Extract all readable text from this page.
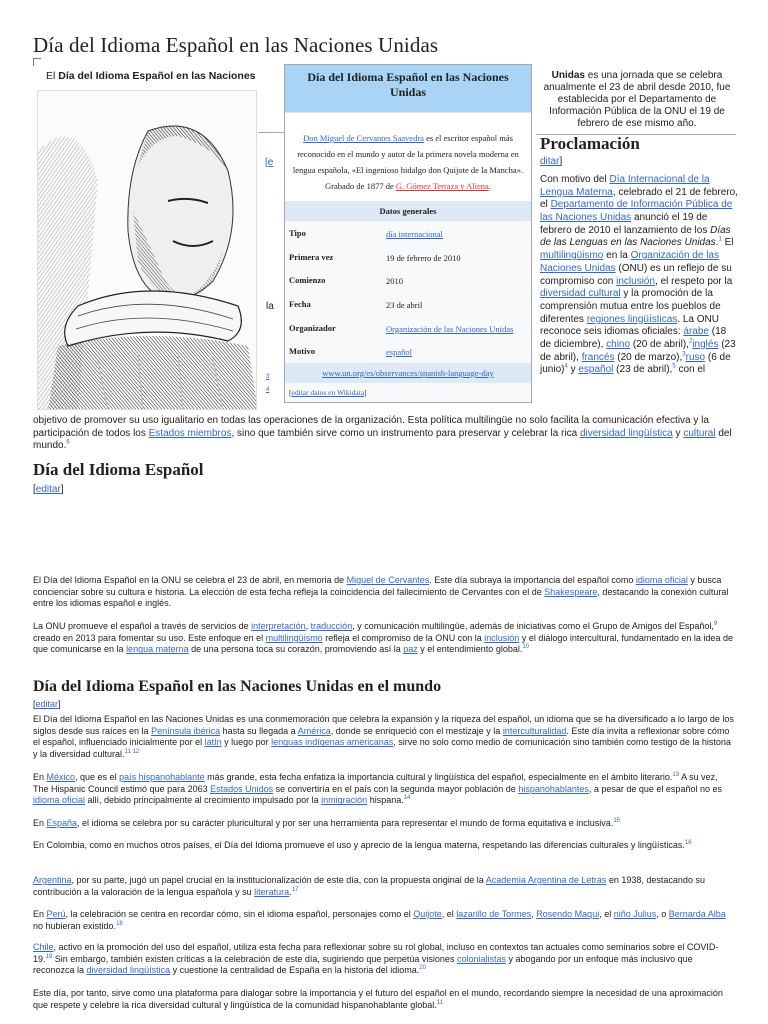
Día del Idioma Español en las Naciones Unidas
El Día del Idioma Español en las Naciones
[e
la
3
4
Día del Idioma Español en las Naciones Unidas
Don Miguel de Cervantes Saavedra es el escritor español más reconocido en el mundo y autor de la primera novela moderna en lengua española, «El ingenioso hidalgo don Quijote de la Mancha». Grabado de 1877 de G. Gómez Terraza y Aliena.
Datos generales
Tipo	día internacional
Primera vez	19 de febrero de 2010
Comienzo	2010
Fecha	23 de abril
Organizador	Organización de las Naciones Unidas
Motivo	español
www.un.org/es/observances/spanish-language-day
[editar datos en Wikidata]
Unidas es una jornada que se celebra anualmente el 23 de abril desde 2010, fue establecida por el Departamento de Información Pública de la ONU el 19 de febrero de ese mismo año.
Proclamación
ditar]
Con motivo del Día Internacional de la Lengua Materna, celebrado el 21 de febrero, el Departamento de Información Pública de las Naciones Unidas anunció el 19 de febrero de 2010 el lanzamiento de los Días de las Lenguas en las Naciones Unidas.$^1$ El multilingüismo en la Organización de las Naciones Unidas (ONU) es un reflejo de su compromiso con inclusión, el respeto por la diversidad cultural y la promoción de la comprensión mutua entre los pueblos de diferentes regiones lingüísticas. La ONU reconoce seis idiomas oficiales: árabe (18 de diciembre), chino (20 de abril),$^2$inglés (23 de abril), francés (20 de marzo),$^3$ruso (6 de junio)$^4$ y español (23 de abril),$^5$ con el
objetivo de promover su uso igualitario en todas las operaciones de la organización. Esta política multilingüe no solo facilita la comunicación efectiva y la participación de todos los Estados miembros, sino que también sirve como un instrumento para preservar y celebrar la rica diversidad lingüística y cultural del mundo.$^6$
Día del Idioma Español
[editar]

El Día del Idioma Español en la ONU se celebra el 23 de abril, en memoria de Miguel de Cervantes. Este día subraya la importancia del español como idioma oficial y busca concienciar sobre su cultura e historia. La elección de esta fecha refleja la coincidencia del fallecimiento de Cervantes con el de Shakespeare, destacando la conexión cultural entre los idiomas español e inglés.

La ONU promueve el español a través de servicios de interpretación, traducción, y comunicación multilingüe, además de iniciativas como el Grupo de Amigos del Español,$^9$ creado en 2013 para fomentar su uso. Este enfoque en el multilingüismo refleja el compromiso de la ONU con la inclusión y el diálogo intercultural, fundamentado en la idea de que comunicarse en la lengua materna de una persona toca su corazón, promoviendo así la paz y el entendimiento global.$^{10}$

Día del Idioma Español en las Naciones Unidas en el mundo
[editar]

El Día del Idioma Español en las Naciones Unidas es una conmemoración que celebra la expansión y la riqueza del español, un idioma que se ha diversificado a lo largo de los siglos desde sus raíces en la Península ibérica hasta su llegada a América, donde se enriqueció con el mestizaje y la interculturalidad. Este día invita a reflexionar sobre cómo el español, influenciado inicialmente por el latín y luego por lenguas indígenas americanas, sirve no solo como medio de comunicación sino también como testigo de la historia y la diversidad cultural.$^{11 12}$

En México, que es el país hispanohablante más grande, esta fecha enfatiza la importancia cultural y lingüística del español, especialmente en el ámbito literario.$^{13}$ A su vez, The Hispanic Council estimó que para 2063 Estados Unidos se convertiría en el país con la segunda mayor población de hispanohablantes, a pesar de que el español no es idioma oficial allí, debido principalmente al crecimiento impulsado por la inmigración hispana.$^{14}$

En España, el idioma se celebra por su carácter pluricultural y por ser una herramienta para representar el mundo de forma equitativa e inclusiva.$^{15}$

En Colombia, como en muchos otros países, el Día del Idioma promueve el uso y aprecio de la lengua materna, respetando las diferencias culturales y lingüísticas.$^{16}$

Argentina, por su parte, jugó un papel crucial en la institucionalización de este día, con la propuesta original de la Academia Argentina de Letras en 1938, destacando su contribución a la valoración de la lengua española y su literatura.$^{17}$

En Perú, la celebración se centra en recordar cómo, sin el idioma español, personajes como el Quijote, el lazarillo de Tormes, Rosendo Maqui, el niño Julius, o Bernarda Alba no hubieran existido.$^{18}$

Chile, activo en la promoción del uso del español, utiliza esta fecha para reflexionar sobre su rol global, incluso en contextos tan actuales como seminarios sobre el COVID-19.19 Sin embargo, también existen críticas a la celebración de este día, sugiriendo que perpetúa visiones colonialistas y abogando por un enfoque más inclusivo que reconozca la diversidad lingüística y cuestione la centralidad de España en la historia del idioma.$^{20}$

Este día, por tanto, sirve como una plataforma para dialogar sobre la importancia y el futuro del español en el mundo, recordando siempre la necesidad de una aproximación que respete y celebre la rica diversidad cultural y lingüística de la comunidad hispanohablante global.$^{11}$
